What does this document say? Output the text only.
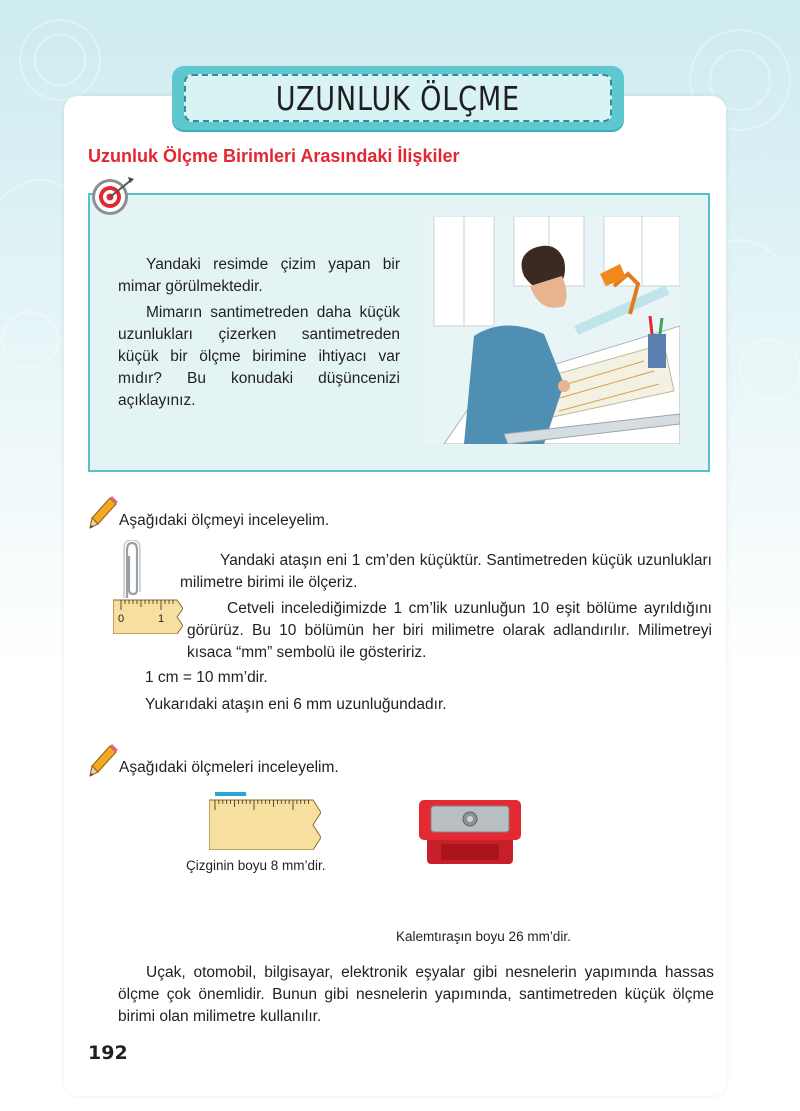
UZUNLUK ÖLÇME
Uzunluk Ölçme Birimleri Arasındaki İlişkiler

Yandaki resimde çizim yapan bir mimar görülmektedir.

Mimarın santimetreden daha küçük uzunlukları çizerken santimetreden küçük bir ölçme birimine ihtiyacı var mıdır? Bu konudaki düşüncenizi açıklayınız.

Aşağıdaki ölçmeyi inceleyelim.

0	1

Yandaki ataşın eni 1 cm’den küçüktür. Santimetreden küçük uzunlukları milimetre birimi ile ölçeriz.

Cetveli incelediğimizde 1 cm’lik uzunluğun 10 eşit bölüme ayrıldığını görürüz. Bu 10 bölümün her biri milimetre olarak adlandırılır. Milimetreyi kısaca “mm” sembolü ile gösteririz.

1 cm = 10 mm’dir.

Yukarıdaki ataşın eni 6 mm uzunluğundadır.

Aşağıdaki ölçmeleri inceleyelim.

Çizginin boyu 8 mm’dir.

Kalemtıraşın boyu 26 mm’dir.

Uçak, otomobil, bilgisayar, elektronik eşyalar gibi nesnelerin yapımında hassas ölçme çok önemlidir. Bunun gibi nesnelerin yapımında, santimetreden küçük ölçme birimi olan milimetre kullanılır.

192
